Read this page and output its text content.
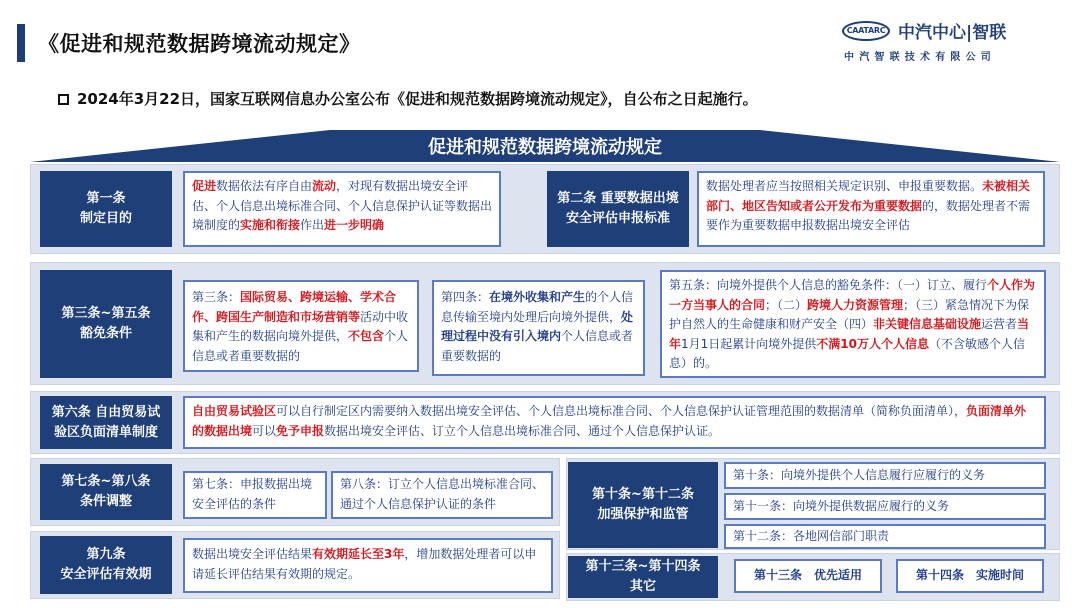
《促进和规范数据跨境流动规定》
CAATARC 中汽中心|智联
中汽智联技术有限公司
2024年3月22日，国家互联网信息办公室公布《促进和规范数据跨境流动规定》，自公布之日起施行。
促进和规范数据跨境流动规定
第一条
制定目的
促进数据依法有序自由流动，对现有数据出境安全评估、个人信息出境标准合同、个人信息保护认证等数据出境制度的实施和衔接作出进一步明确
第二条 重要数据出境
安全评估申报标准
数据处理者应当按照相关规定识别、申报重要数据。未被相关部门、地区告知或者公开发布为重要数据的，数据处理者不需要作为重要数据申报数据出境安全评估
第三条~第五条
豁免条件
第三条：国际贸易、跨境运输、学术合作、跨国生产制造和市场营销等活动中收集和产生的数据向境外提供，不包含个人信息或者重要数据的
第四条：在境外收集和产生的个人信息传输至境内处理后向境外提供，处理过程中没有引入境内个人信息或者重要数据的
第五条：向境外提供个人信息的豁免条件：（一）订立、履行个人作为一方当事人的合同；（二）跨境人力资源管理；（三）紧急情况下为保护自然人的生命健康和财产安全（四）非关键信息基础设施运营者当年1月1日起累计向境外提供不满10万人个人信息（不含敏感个人信息）的。
第六条 自由贸易试
验区负面清单制度
自由贸易试验区可以自行制定区内需要纳入数据出境安全评估、个人信息出境标准合同、个人信息保护认证管理范围的数据清单（简称负面清单），负面清单外的数据出境可以免予申报数据出境安全评估、订立个人信息出境标准合同、通过个人信息保护认证。
第七条~第八条
条件调整
第七条：申报数据出境安全评估的条件
第八条：订立个人信息出境标准合同、通过个人信息保护认证的条件
第九条
安全评估有效期
数据出境安全评估结果有效期延长至3年，增加数据处理者可以申请延长评估结果有效期的规定。
第十条~第十二条
加强保护和监管
第十条：向境外提供个人信息履行应履行的义务
第十一条：向境外提供数据应履行的义务
第十二条：各地网信部门职责
第十三条~第十四条
其它
第十三条　优先适用	第十四条　实施时间
